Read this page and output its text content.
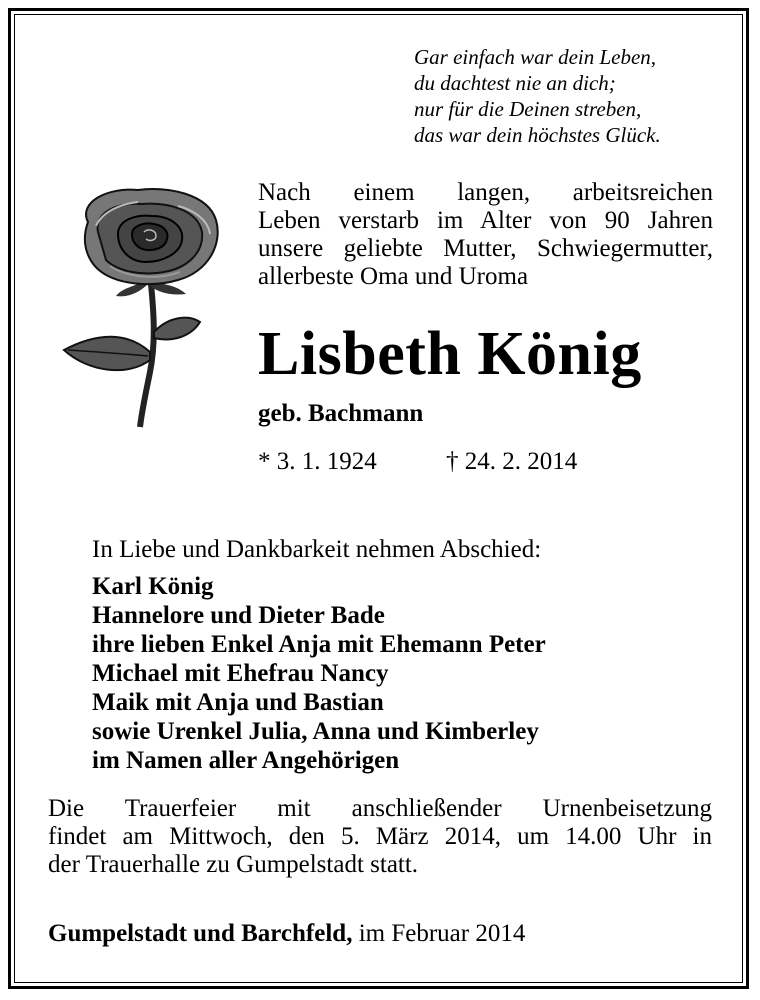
Gar einfach war dein Leben,
du dachtest nie an dich;
nur für die Deinen streben,
das war dein höchstes Glück.
Nach einem langen, arbeitsreichen
Leben verstarb im Alter von 90 Jahren
unsere geliebte Mutter, Schwiegermutter,
allerbeste Oma und Uroma
Lisbeth König
geb. Bachmann
* 3. 1. 1924	† 24. 2. 2014
In Liebe und Dankbarkeit nehmen Abschied:
Karl König
Hannelore und Dieter Bade
ihre lieben Enkel Anja mit Ehemann Peter
Michael mit Ehefrau Nancy
Maik mit Anja und Bastian
sowie Urenkel Julia, Anna und Kimberley
im Namen aller Angehörigen
Die Trauerfeier mit anschließender Urnenbeisetzung
findet am Mittwoch, den 5. März 2014, um 14.00 Uhr in
der Trauerhalle zu Gumpelstadt statt.
Gumpelstadt und Barchfeld, im Februar 2014
